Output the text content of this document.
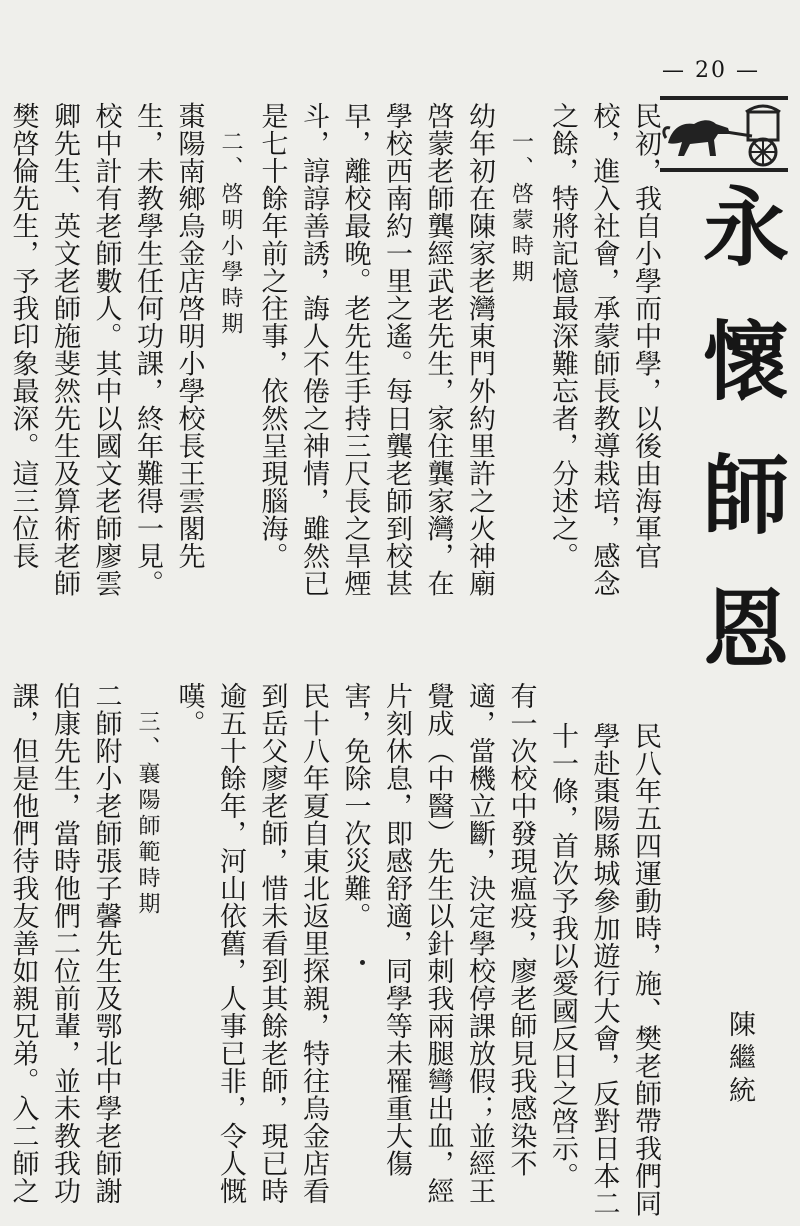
— 20 —
永懷師恩
陳繼統

民初，我自小學而中學，以後由海軍官校，進入社會，承蒙師長教導栽培，感念之餘，特將記憶最深難忘者，分述之。

一、啓蒙時期

幼年初在陳家老灣東門外約里許之火神廟啓蒙老師龔經武老先生，家住龔家灣，在學校西南約一里之遙。每日龔老師到校甚早，離校最晚。老先生手持三尺長之旱煙斗，諄諄善誘，誨人不倦之神情，雖然已是七十餘年前之往事，依然呈現腦海。

二、啓明小學時期

棗陽南鄉烏金店啓明小學校長王雲閣先生，未教學生任何功課，終年難得一見。校中計有老師數人。其中以國文老師廖雲卿先生、英文老師施斐然先生及算術老師樊啓倫先生，予我印象最深。這三位長

民八年五四運動時，施、樊老師帶我們同學赴棗陽縣城參加遊行大會，反對日本二十一條，首次予我以愛國反日之啓示。

有一次校中發現瘟疫，廖老師見我感染不適，當機立斷，決定學校停課放假；並經王覺成（中醫）先生以針刺我兩腿彎出血，經片刻休息，即感舒適，同學等未罹重大傷害，免除一次災難。

民十八年夏自東北返里探親，特往烏金店看到岳父廖老師，惜未看到其餘老師，現已時逾五十餘年，河山依舊，人事已非，令人慨嘆。

三、襄陽師範時期

二師附小老師張子馨先生及鄂北中學老師謝伯康先生，當時他們二位前輩，並未教我功課，但是他們待我友善如親兄弟。入二師之
